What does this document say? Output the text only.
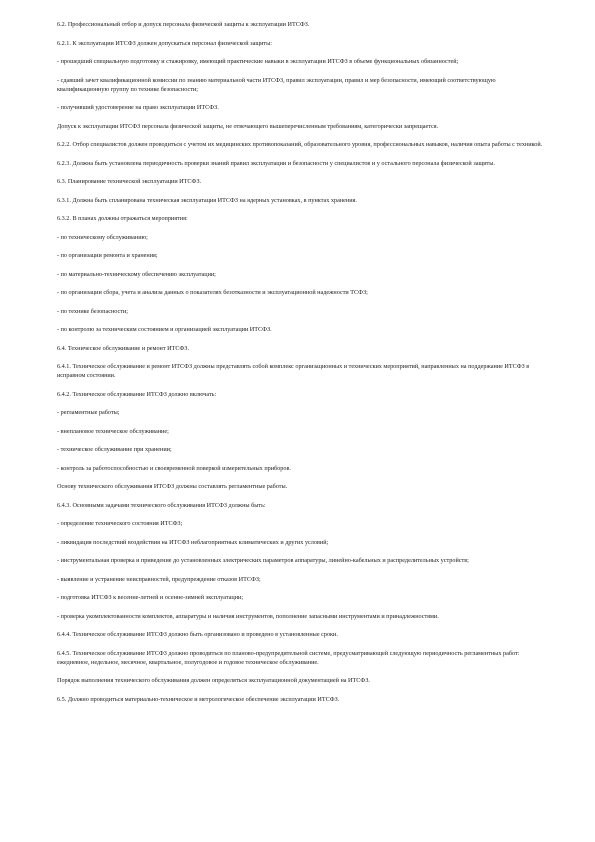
6.2. Профессиональный отбор и допуск персонала физической защиты к эксплуатации ИТСФЗ.

6.2.1. К эксплуатации ИТСФЗ должен допускаться персонал физической защиты:

- прошедший специальную подготовку и стажировку, имеющий практические навыки в эксплуатации ИТСФЗ в объеме функциональных обязанностей;

- сдавший зачет квалификационной комиссии по знанию материальной части ИТСФЗ, правил эксплуатации, правил и мер безопасности, имеющий соответствующую квалификационную группу по технике безопасности;

- получивший удостоверение на право эксплуатации ИТСФЗ.

Допуск к эксплуатации ИТСФЗ персонала физической защиты, не отвечающего вышеперечисленным требованиям, категорически запрещается.

6.2.2. Отбор специалистов должен проводиться с учетом их медицинских противопоказаний, образовательного уровня, профессиональных навыков, наличия опыта работы с техникой.

6.2.3. Должна быть установлена периодичность проверки знаний правил эксплуатации и безопасности у специалистов и у остального персонала физической защиты.

6.3. Планирование технической эксплуатации ИТСФЗ.

6.3.1. Должна быть спланирована техническая эксплуатация ИТСФЗ на ядерных установках, в пунктах хранения.

6.3.2. В планах должны отражаться мероприятия:

- по техническому обслуживанию;

- по организации ремонта и хранения;

- по материально-техническому обеспечению эксплуатации;

- по организации сбора, учета и анализа данных о показателях безотказности и эксплуатационной надежности ТСФЗ;

- по технике безопасности;

- по контролю за техническим состоянием и организацией эксплуатации ИТСФЗ.

6.4. Техническое обслуживание и ремонт ИТСФЗ.

6.4.1. Техническое обслуживание и ремонт ИТСФЗ должны представлять собой комплекс организационных и технических мероприятий, направленных на поддержание ИТСФЗ в исправном состоянии.

6.4.2. Техническое обслуживание ИТСФЗ должно включать:

- регламентные работы;

- внеплановое техническое обслуживание;

- техническое обслуживание при хранении;

- контроль за работоспособностью и своевременной поверкой измерительных приборов.

Основу технического обслуживания ИТСФЗ должны составлять регламентные работы.

6.4.3. Основными задачами технического обслуживания ИТСФЗ должны быть:

- определение технического состояния ИТСФЗ;

- ликвидация последствий воздействия на ИТСФЗ неблагоприятных климатических и других условий;

- инструментальная проверка и приведение до установленных электрических параметров аппаратуры, линейно-кабельных и распределительных устройств;

- выявление и устранение неисправностей, предупреждение отказов ИТСФЗ;

- подготовка ИТСФЗ к весенне-летней и осенне-зимней эксплуатации;

- проверка укомплектованности комплектов, аппаратуры и наличия инструментов, пополнение запасными инструментами и принадлежностями.

6.4.4. Техническое обслуживание ИТСФЗ должно быть организовано и проведено в установленные сроки.

6.4.5. Техническое обслуживание ИТСФЗ должно проводиться по планово-предупредительной системе, предусматривающей следующую периодичность регламентных работ: ежедневное, недельное, месячное, квартальное, полугодовое и годовое техническое обслуживание.

Порядок выполнения технического обслуживания должен определяться эксплуатационной документацией на ИТСФЗ.

6.5. Должно проводиться материально-техническое и метрологическое обеспечение эксплуатации ИТСФЗ.
